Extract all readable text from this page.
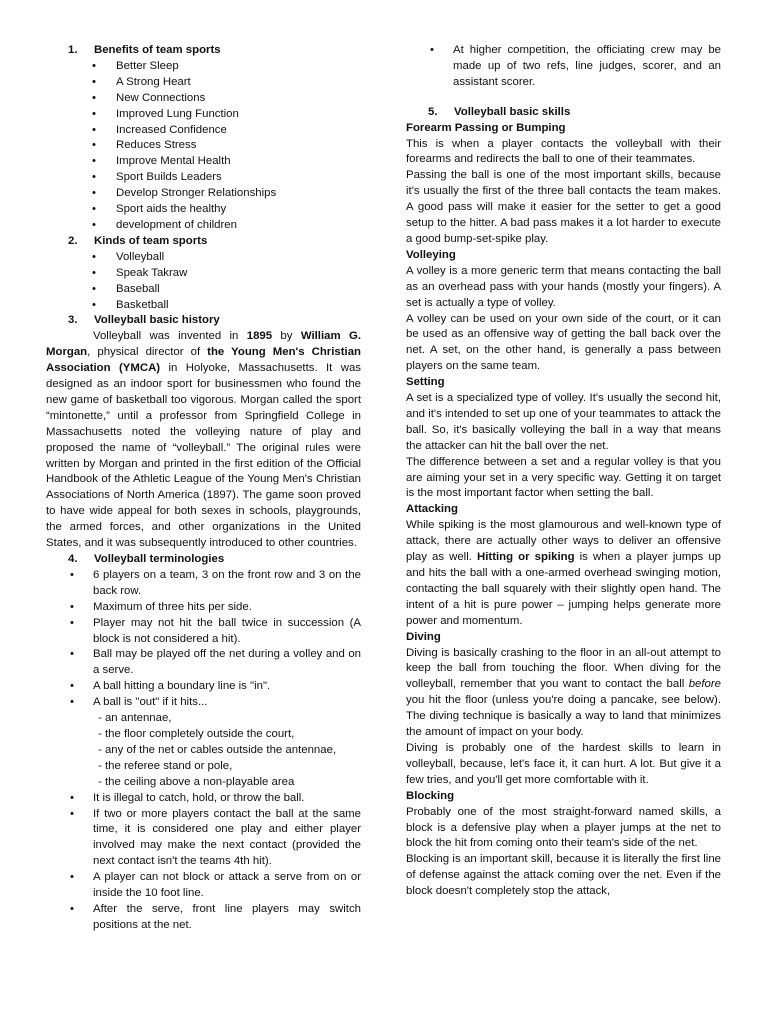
1. Benefits of team sports

• Better Sleep
• A Strong Heart
• New Connections
• Improved Lung Function
• Increased Confidence
• Reduces Stress
• Improve Mental Health
• Sport Builds Leaders
• Develop Stronger Relationships
• Sport aids the healthy
• development of children

2. Kinds of team sports

• Volleyball
• Speak Takraw
• Baseball
• Basketball

3. Volleyball basic history

Volleyball was invented in 1895 by William G. Morgan, physical director of the Young Men's Christian Association (YMCA) in Holyoke, Massachusetts. It was designed as an indoor sport for businessmen who found the new game of basketball too vigorous. Morgan called the sport “mintonette,” until a professor from Springfield College in Massachusetts noted the volleying nature of play and proposed the name of “volleyball.” The original rules were written by Morgan and printed in the first edition of the Official Handbook of the Athletic League of the Young Men's Christian Associations of North America (1897). The game soon proved to have wide appeal for both sexes in schools, playgrounds, the armed forces, and other organizations in the United States, and it was subsequently introduced to other countries.

4. Volleyball terminologies

• 6 players on a team, 3 on the front row and 3 on the back row.
• Maximum of three hits per side.
• Player may not hit the ball twice in succession (A block is not considered a hit).
• Ball may be played off the net during a volley and on a serve.
• A ball hitting a boundary line is "in".
• A ball is "out" if it hits...
- an antennae,
- the floor completely outside the court,
- any of the net or cables outside the antennae,
- the referee stand or pole,
- the ceiling above a non-playable area
• It is illegal to catch, hold, or throw the ball.
• If two or more players contact the ball at the same time, it is considered one play and either player involved may make the next contact (provided the next contact isn't the teams 4th hit).
• A player can not block or attack a serve from on or inside the 10 foot line.
• After the serve, front line players may switch positions at the net.
• At higher competition, the officiating crew may be made up of two refs, line judges, scorer, and an assistant scorer.

5. Volleyball basic skills

Forearm Passing or Bumping

This is when a player contacts the volleyball with their forearms and redirects the ball to one of their teammates.

Passing the ball is one of the most important skills, because it's usually the first of the three ball contacts the team makes. A good pass will make it easier for the setter to get a good setup to the hitter. A bad pass makes it a lot harder to execute a good bump-set-spike play.

Volleying

A volley is a more generic term that means contacting the ball as an overhead pass with your hands (mostly your fingers). A set is actually a type of volley.

A volley can be used on your own side of the court, or it can be used as an offensive way of getting the ball back over the net. A set, on the other hand, is generally a pass between players on the same team.

Setting

A set is a specialized type of volley. It's usually the second hit, and it's intended to set up one of your teammates to attack the ball. So, it's basically volleying the ball in a way that means the attacker can hit the ball over the net.

The difference between a set and a regular volley is that you are aiming your set in a very specific way. Getting it on target is the most important factor when setting the ball.

Attacking

While spiking is the most glamourous and well-known type of attack, there are actually other ways to deliver an offensive play as well. Hitting or spiking is when a player jumps up and hits the ball with a one-armed overhead swinging motion, contacting the ball squarely with their slightly open hand. The intent of a hit is pure power – jumping helps generate more power and momentum.

Diving

Diving is basically crashing to the floor in an all-out attempt to keep the ball from touching the floor. When diving for the volleyball, remember that you want to contact the ball before you hit the floor (unless you're doing a pancake, see below). The diving technique is basically a way to land that minimizes the amount of impact on your body.

Diving is probably one of the hardest skills to learn in volleyball, because, let's face it, it can hurt. A lot. But give it a few tries, and you'll get more comfortable with it.

Blocking

Probably one of the most straight-forward named skills, a block is a defensive play when a player jumps at the net to block the hit from coming onto their team's side of the net.

Blocking is an important skill, because it is literally the first line of defense against the attack coming over the net. Even if the block doesn't completely stop the attack,
